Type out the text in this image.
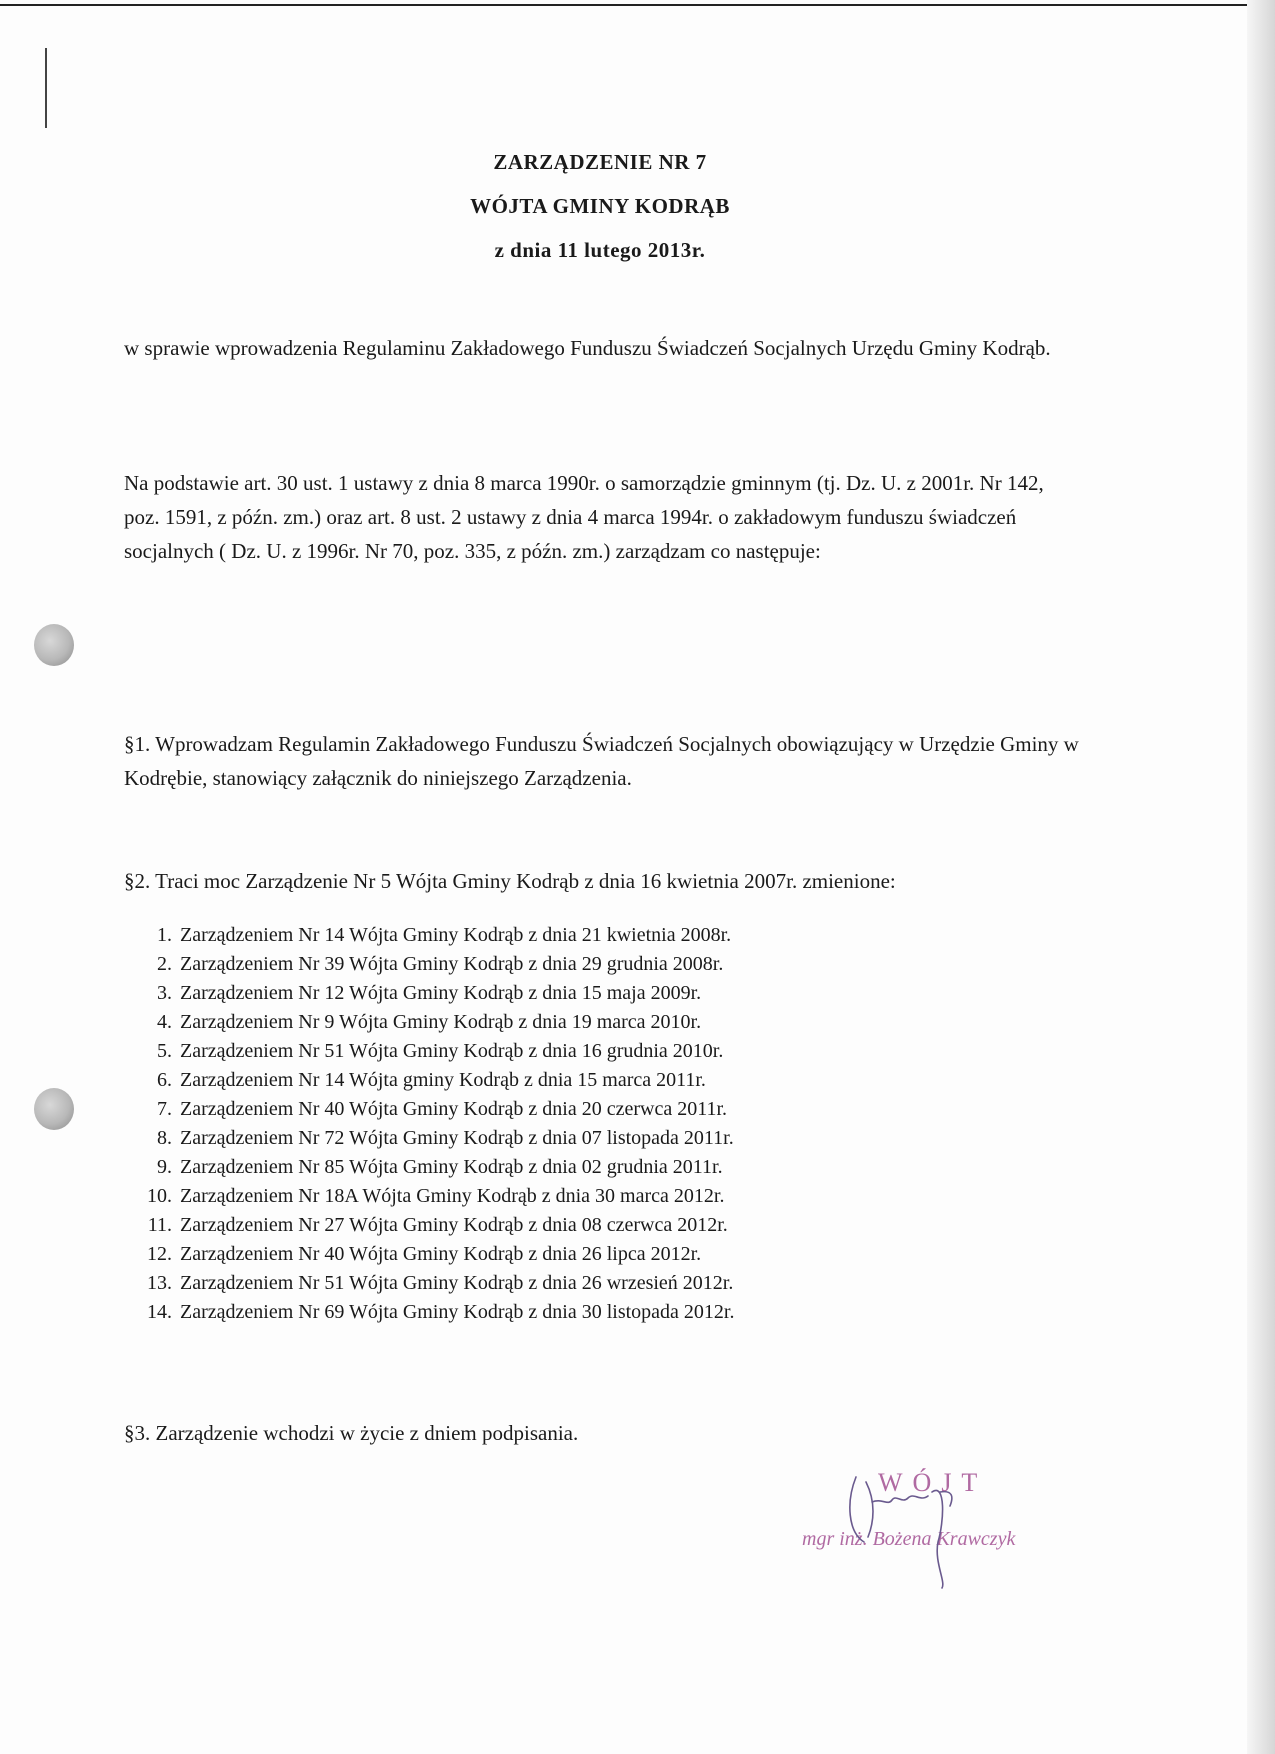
ZARZĄDZENIE NR 7
WÓJTA GMINY KODRĄB
z dnia 11 lutego 2013r.

w sprawie wprowadzenia Regulaminu Zakładowego Funduszu Świadczeń Socjalnych Urzędu Gminy Kodrąb.

Na podstawie art. 30 ust. 1 ustawy z dnia 8 marca 1990r. o samorządzie gminnym (tj. Dz. U. z 2001r. Nr 142, poz. 1591, z późn. zm.) oraz art. 8 ust. 2 ustawy z dnia 4 marca 1994r. o zakładowym funduszu świadczeń socjalnych ( Dz. U. z 1996r. Nr 70, poz. 335, z późn. zm.) zarządzam co następuje:

§1. Wprowadzam Regulamin Zakładowego Funduszu Świadczeń Socjalnych obowiązujący w Urzędzie Gminy w Kodrębie, stanowiący załącznik do niniejszego Zarządzenia.

§2. Traci moc Zarządzenie Nr 5 Wójta Gminy Kodrąb z dnia 16 kwietnia 2007r. zmienione:

1. Zarządzeniem Nr 14 Wójta Gminy Kodrąb z dnia 21 kwietnia 2008r.
2. Zarządzeniem Nr 39 Wójta Gminy Kodrąb z dnia 29 grudnia 2008r.
3. Zarządzeniem Nr 12 Wójta Gminy Kodrąb z dnia 15 maja 2009r.
4. Zarządzeniem Nr 9 Wójta Gminy Kodrąb z dnia 19 marca 2010r.
5. Zarządzeniem Nr 51 Wójta Gminy Kodrąb z dnia 16 grudnia 2010r.
6. Zarządzeniem Nr 14 Wójta gminy Kodrąb z dnia 15 marca 2011r.
7. Zarządzeniem Nr 40 Wójta Gminy Kodrąb z dnia 20 czerwca 2011r.
8. Zarządzeniem Nr 72 Wójta Gminy Kodrąb z dnia 07 listopada 2011r.
9. Zarządzeniem Nr 85 Wójta Gminy Kodrąb z dnia 02 grudnia 2011r.
10. Zarządzeniem Nr 18A Wójta Gminy Kodrąb z dnia 30 marca 2012r.
11. Zarządzeniem Nr 27 Wójta Gminy Kodrąb z dnia 08 czerwca 2012r.
12. Zarządzeniem Nr 40 Wójta Gminy Kodrąb z dnia 26 lipca 2012r.
13. Zarządzeniem Nr 51 Wójta Gminy Kodrąb z dnia 26 wrzesień 2012r.
14. Zarządzeniem Nr 69 Wójta Gminy Kodrąb z dnia 30 listopada 2012r.

§3. Zarządzenie wchodzi w życie z dniem podpisania.

WÓJT
mgr inż. Bożena Krawczyk
